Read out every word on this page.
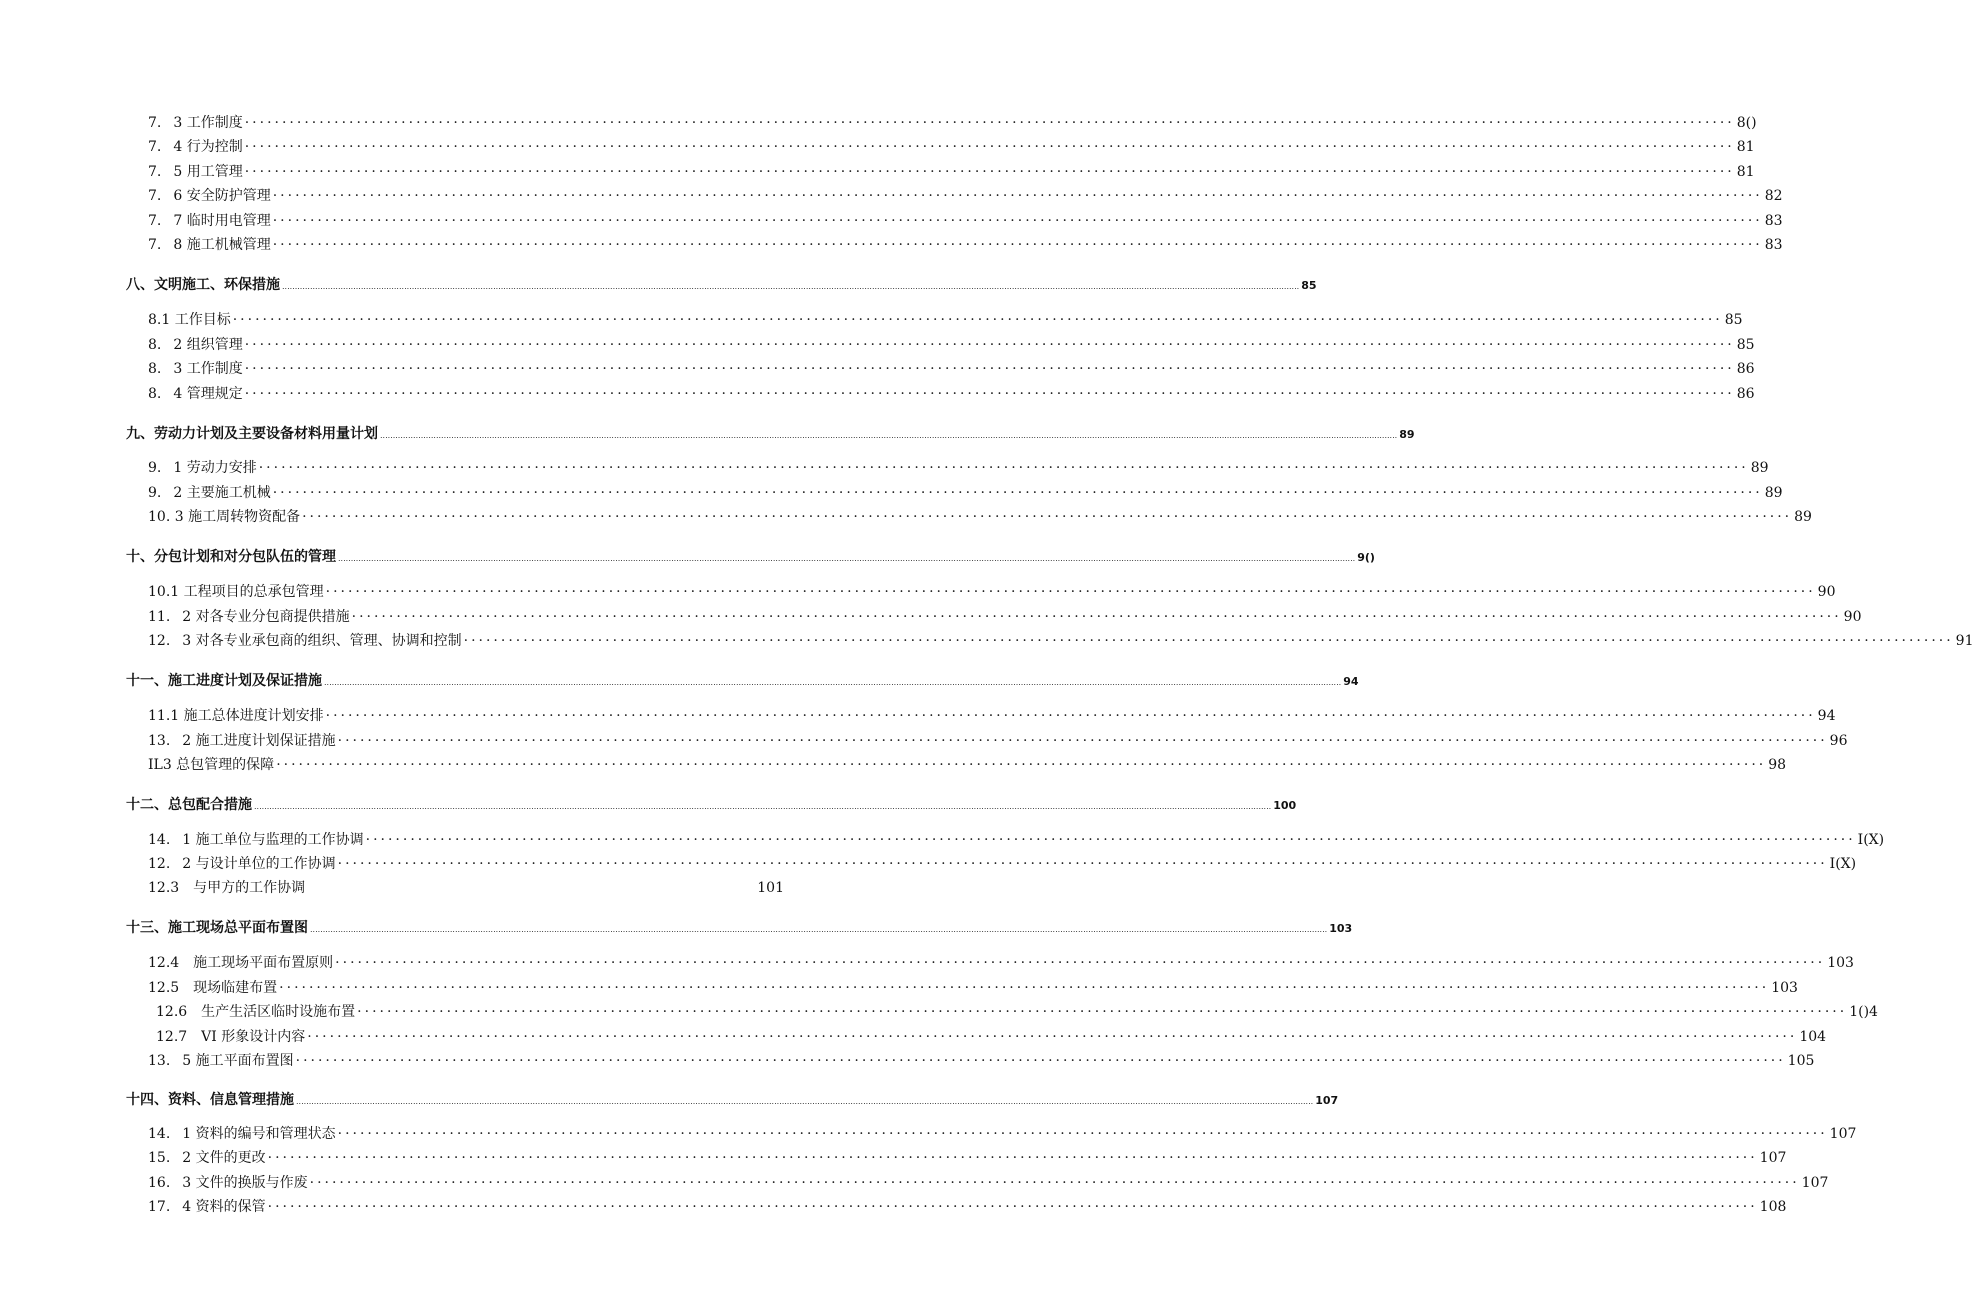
7. 3 工作制度 ········································································································································································································ 8()
7. 4 行为控制 ········································································································································································································ 81
7. 5 用工管理 ········································································································································································································ 81
7. 6 安全防护管理 ········································································································································································································ 82
7. 7 临时用电管理 ········································································································································································································ 83
7. 8 施工机械管理 ········································································································································································································ 83
八、文明施工、环保措施 ................................................................................................................................................................................................................................................................................................................................................................................................................ 85
8.1 工作目标 ········································································································································································································ 85
8. 2 组织管理 ········································································································································································································ 85
8. 3 工作制度 ········································································································································································································ 86
8. 4 管理规定 ········································································································································································································ 86
九、劳动力计划及主要设备材料用量计划 ................................................................................................................................................................................................................................................................................................................................................................................................................ 89
9. 1 劳动力安排 ········································································································································································································ 89
9. 2 主要施工机械 ········································································································································································································ 89
10. 3 施工周转物资配备 ········································································································································································································ 89
十、分包计划和对分包队伍的管理 ................................................................................................................................................................................................................................................................................................................................................................................................................ 9()
10.1 工程项目的总承包管理 ········································································································································································································ 90
11. 2 对各专业分包商提供措施 ········································································································································································································ 90
12. 3 对各专业承包商的组织、管理、协调和控制 ········································································································································································································ 91
十一、施工进度计划及保证措施 ................................................................................................................................................................................................................................................................................................................................................................................................................ 94
11.1 施工总体进度计划安排 ········································································································································································································ 94
13. 2 施工进度计划保证措施 ········································································································································································································ 96
IL3 总包管理的保障 ········································································································································································································ 98
十二、总包配合措施 ................................................................................................................................................................................................................................................................................................................................................................................................................ 100
14. 1 施工单位与监理的工作协调 ········································································································································································································ I(X)
12. 2 与设计单位的工作协调 ········································································································································································································ I(X)
12.3 与甲方的工作协调	101
十三、施工现场总平面布置图 ................................................................................................................................................................................................................................................................................................................................................................................................................ 103
12.4 施工现场平面布置原则 ········································································································································································································ 103
12.5 现场临建布置 ········································································································································································································ 103
12.6 生产生活区临时设施布置 ········································································································································································································ 1()4
12.7 VI 形象设计内容 ········································································································································································································ 104
13. 5 施工平面布置图 ········································································································································································································ 105
十四、资料、信息管理措施 ................................................................................................................................................................................................................................................................................................................................................................................................................ 107
14. 1 资料的编号和管理状态 ········································································································································································································ 107
15. 2 文件的更改 ········································································································································································································ 107
16. 3 文件的换版与作废 ········································································································································································································ 107
17. 4 资料的保管 ········································································································································································································ 108
